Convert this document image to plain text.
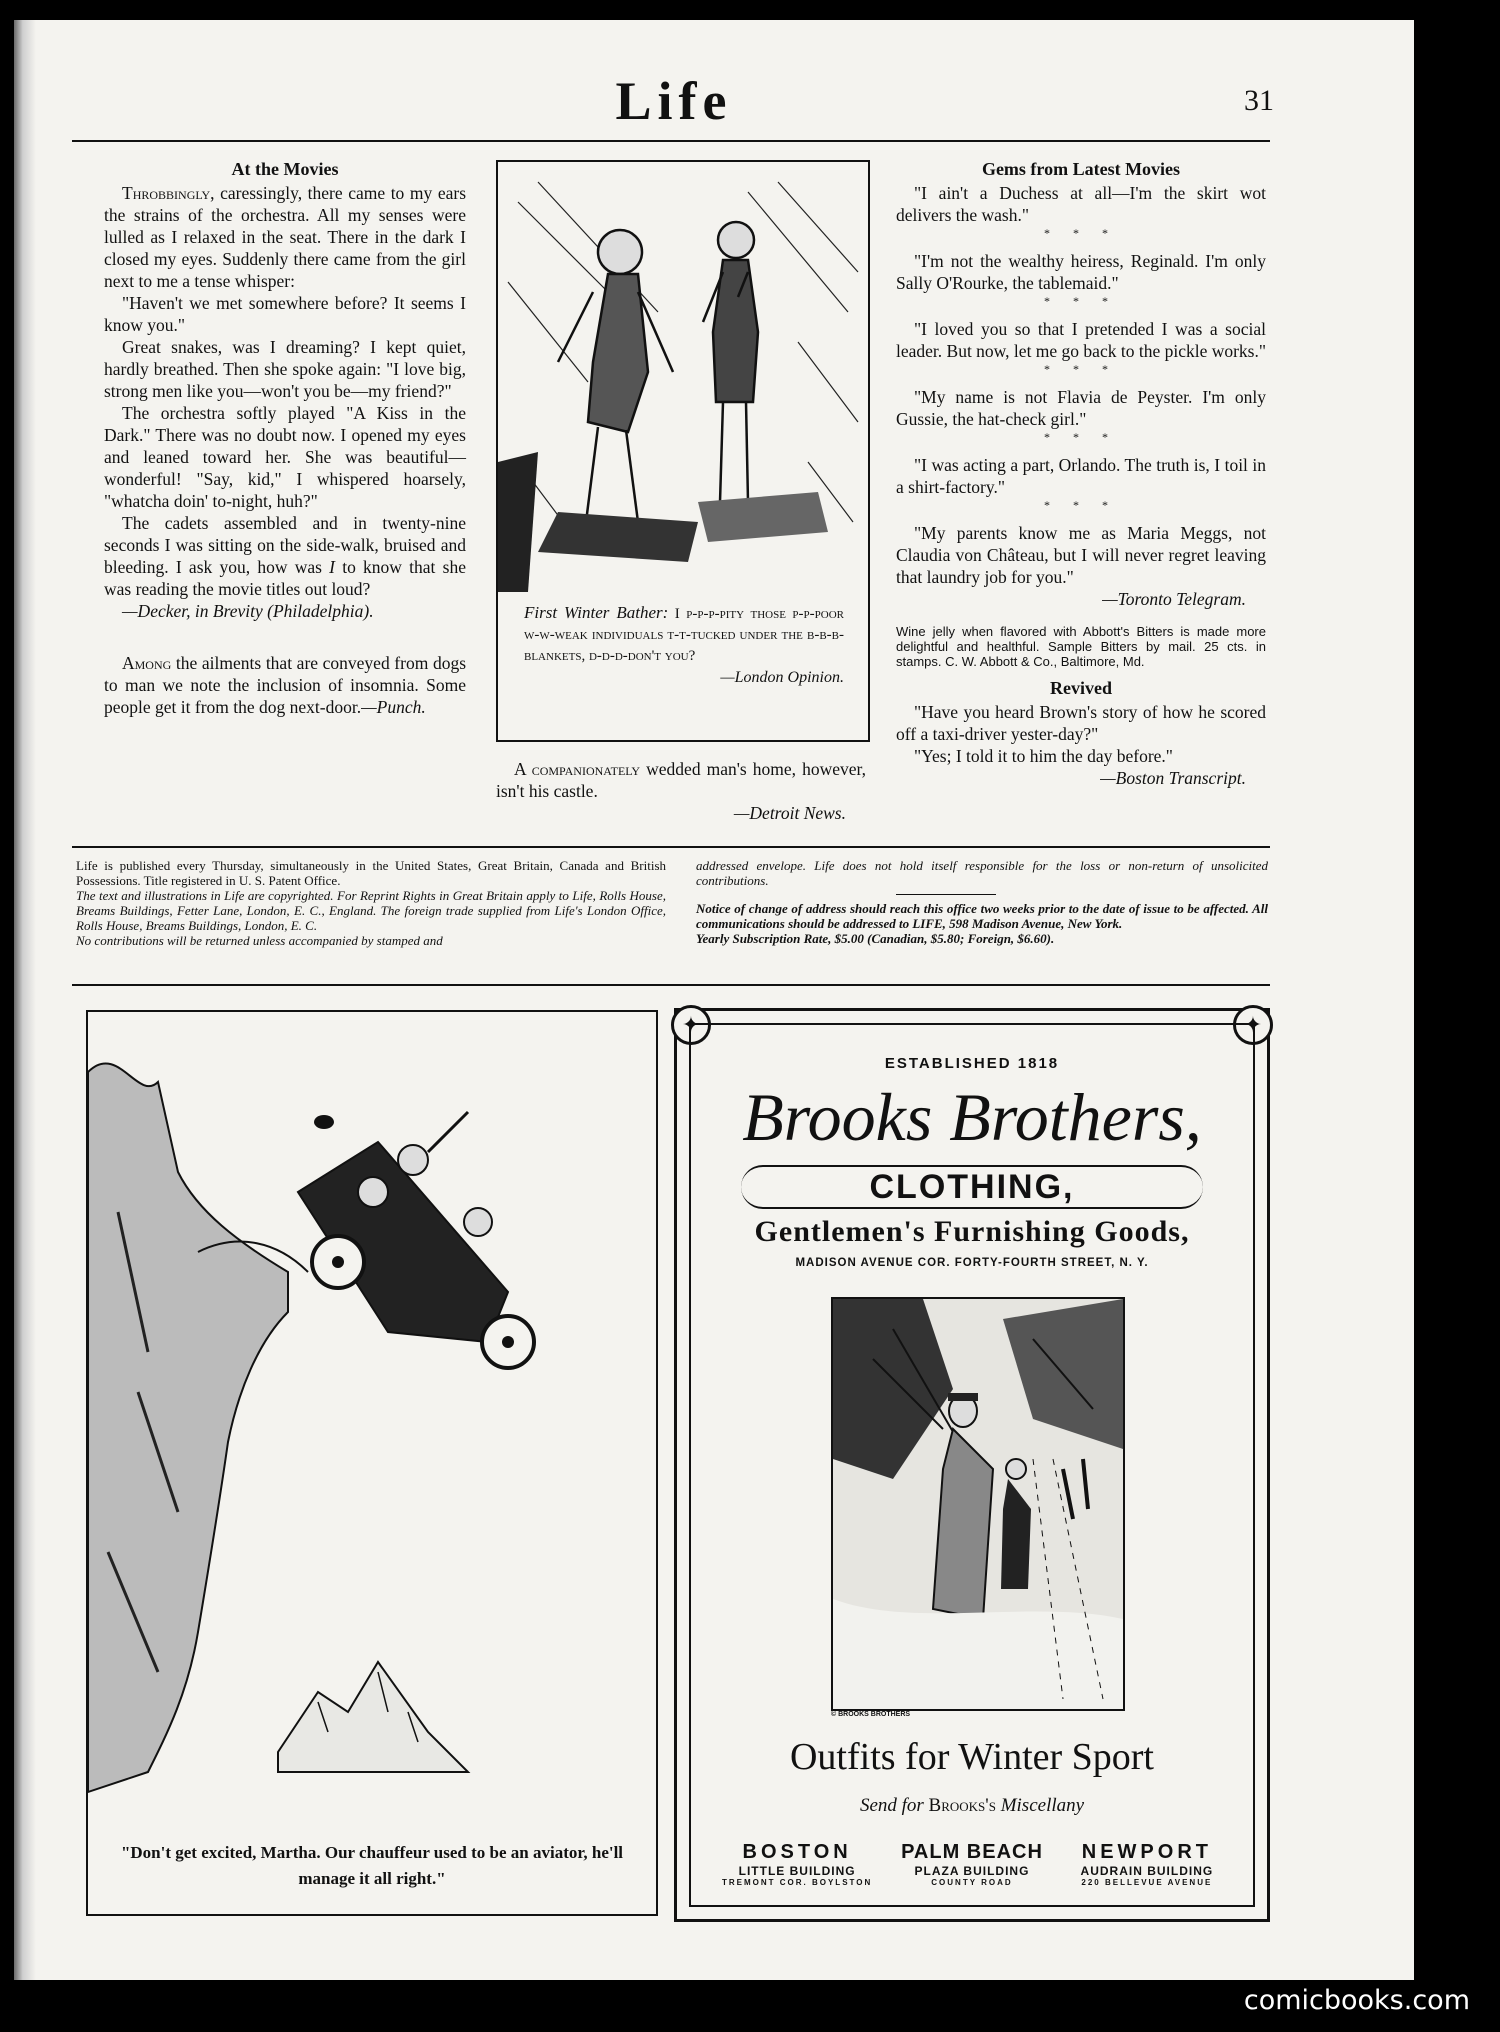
Life	31
At the Movies

Throbbingly, caressingly, there came to my ears the strains of the orchestra. All my senses were lulled as I relaxed in the seat. There in the dark I closed my eyes. Suddenly there came from the girl next to me a tense whisper:

"Haven't we met somewhere before? It seems I know you."

Great snakes, was I dreaming? I kept quiet, hardly breathed. Then she spoke again: "I love big, strong men like you—won't you be—my friend?"

The orchestra softly played "A Kiss in the Dark." There was no doubt now. I opened my eyes and leaned toward her. She was beautiful—wonderful! "Say, kid," I whispered hoarsely, "whatcha doin' to-night, huh?"

The cadets assembled and in twenty-nine seconds I was sitting on the side-walk, bruised and bleeding. I ask you, how was I to know that she was reading the movie titles out loud?

—Decker, in Brevity (Philadelphia).

Among the ailments that are conveyed from dogs to man we note the inclusion of insomnia. Some people get it from the dog next-door.—Punch.

First Winter Bather: I p-p-p-pity those p-p-poor w-w-weak individuals t-t-tucked under the b-b-b-blankets, d-d-d-don't you?
—London Opinion.

A companionately wedded man's home, however, isn't his castle.

—Detroit News.

Gems from Latest Movies

"I ain't a Duchess at all—I'm the skirt wot delivers the wash."

* * *

"I'm not the wealthy heiress, Reginald. I'm only Sally O'Rourke, the tablemaid."

* * *

"I loved you so that I pretended I was a social leader. But now, let me go back to the pickle works."

* * *

"My name is not Flavia de Peyster. I'm only Gussie, the hat-check girl."

* * *

"I was acting a part, Orlando. The truth is, I toil in a shirt-factory."

* * *

"My parents know me as Maria Meggs, not Claudia von Château, but I will never regret leaving that laundry job for you."

—Toronto Telegram.

Wine jelly when flavored with Abbott's Bitters is made more delightful and healthful. Sample Bitters by mail. 25 cts. in stamps. C. W. Abbott & Co., Baltimore, Md.

Revived

"Have you heard Brown's story of how he scored off a taxi-driver yester-day?"

"Yes; I told it to him the day before."

—Boston Transcript.

Life is published every Thursday, simultaneously in the United States, Great Britain, Canada and British Possessions. Title registered in U. S. Patent Office.

The text and illustrations in Life are copyrighted. For Reprint Rights in Great Britain apply to Life, Rolls House, Breams Buildings, Fetter Lane, London, E. C., England. The foreign trade supplied from Life's London Office, Rolls House, Breams Buildings, London, E. C.

No contributions will be returned unless accompanied by stamped and

addressed envelope. Life does not hold itself responsible for the loss or non-return of unsolicited contributions.

Notice of change of address should reach this office two weeks prior to the date of issue to be affected. All communications should be addressed to LIFE, 598 Madison Avenue, New York.

Yearly Subscription Rate, $5.00 (Canadian, $5.80; Foreign, $6.60).

"Don't get excited, Martha. Our chauffeur used to be an aviator, he'll manage it all right."
✦	✦
ESTABLISHED 1818
Brooks Brothers,
CLOTHING,
Gentlemen's Furnishing Goods,
MADISON AVENUE COR. FORTY-FOURTH STREET, N. Y.
© BROOKS BROTHERS
Outfits for Winter Sport
Send for Brooks's Miscellany
BOSTON
LITTLE BUILDING
TREMONT COR. BOYLSTON
PALM BEACH
PLAZA BUILDING
COUNTY ROAD
NEWPORT
AUDRAIN BUILDING
220 BELLEVUE AVENUE
comicbooks.com
